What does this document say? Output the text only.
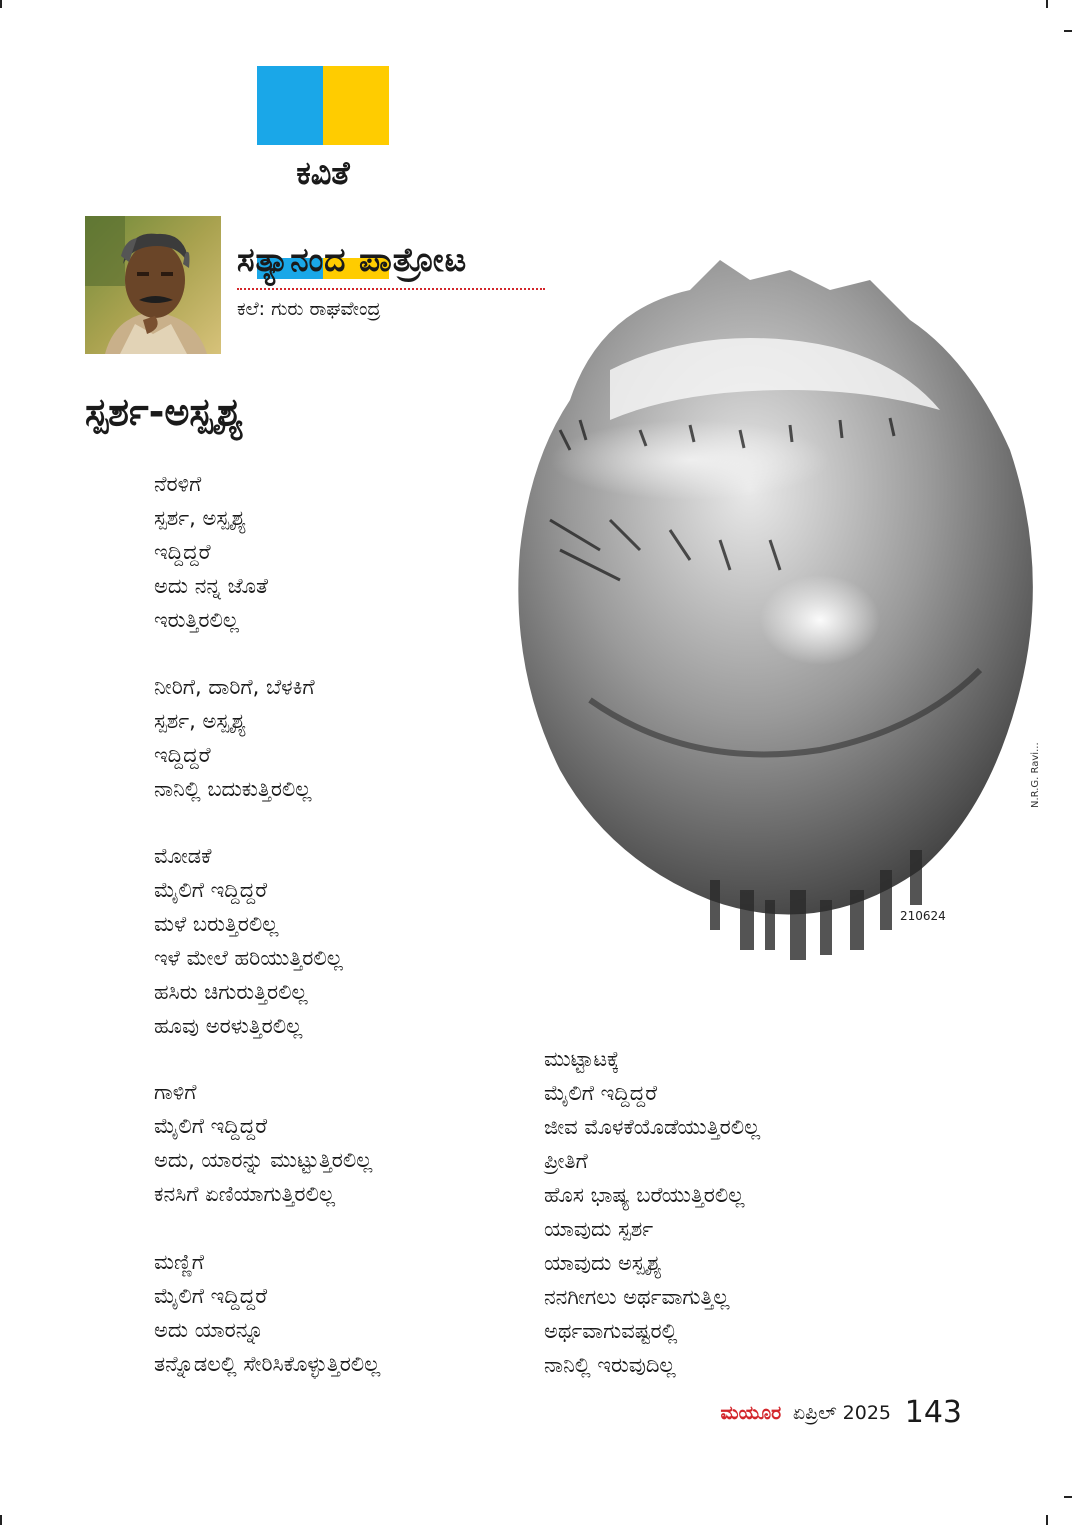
ಕವಿತೆ
ಸತ್ಯಾನಂದ ಪಾತ್ರೋಟ
ಕಲೆ: ಗುರು ರಾಘವೇಂದ್ರ
ಸ್ಪರ್ಶ-ಅಸ್ಪೃಶ್ಯ
ನೆರಳಿಗೆ
ಸ್ಪರ್ಶ, ಅಸ್ಪೃಶ್ಯ
ಇದ್ದಿದ್ದರೆ
ಅದು ನನ್ನ ಜೊತೆ
ಇರುತ್ತಿರಲಿಲ್ಲ
ನೀರಿಗೆ, ದಾರಿಗೆ, ಬೆಳಕಿಗೆ
ಸ್ಪರ್ಶ, ಅಸ್ಪೃಶ್ಯ
ಇದ್ದಿದ್ದರೆ
ನಾನಿಲ್ಲಿ ಬದುಕುತ್ತಿರಲಿಲ್ಲ
ಮೋಡಕೆ
ಮೈಲಿಗೆ ಇದ್ದಿದ್ದರೆ
ಮಳೆ ಬರುತ್ತಿರಲಿಲ್ಲ
ಇಳೆ ಮೇಲೆ ಹರಿಯುತ್ತಿರಲಿಲ್ಲ
ಹಸಿರು ಚಿಗುರುತ್ತಿರಲಿಲ್ಲ
ಹೂವು ಅರಳುತ್ತಿರಲಿಲ್ಲ
ಗಾಳಿಗೆ
ಮೈಲಿಗೆ ಇದ್ದಿದ್ದರೆ
ಅದು, ಯಾರನ್ನು ಮುಟ್ಟುತ್ತಿರಲಿಲ್ಲ
ಕನಸಿಗೆ ಏಣಿಯಾಗುತ್ತಿರಲಿಲ್ಲ
ಮಣ್ಣಿಗೆ
ಮೈಲಿಗೆ ಇದ್ದಿದ್ದರೆ
ಅದು ಯಾರನ್ನೂ
ತನ್ನೊಡಲಲ್ಲಿ ಸೇರಿಸಿಕೊಳ್ಳುತ್ತಿರಲಿಲ್ಲ
ಮುಟ್ಟಾಟಕ್ಕೆ
ಮೈಲಿಗೆ ಇದ್ದಿದ್ದರೆ
ಜೀವ ಮೊಳಕೆಯೊಡೆಯುತ್ತಿರಲಿಲ್ಲ
ಪ್ರೀತಿಗೆ
ಹೊಸ ಭಾಷ್ಯ ಬರೆಯುತ್ತಿರಲಿಲ್ಲ
ಯಾವುದು ಸ್ಪರ್ಶ
ಯಾವುದು ಅಸ್ಪೃಶ್ಯ
ನನಗೀಗಲು ಅರ್ಥವಾಗುತ್ತಿಲ್ಲ
ಅರ್ಥವಾಗುವಷ್ಟರಲ್ಲಿ
ನಾನಿಲ್ಲಿ ಇರುವುದಿಲ್ಲ
210624
N.R.G. Ravi...
ಮಯೂರ ಏಪ್ರಿಲ್ 2025 143
